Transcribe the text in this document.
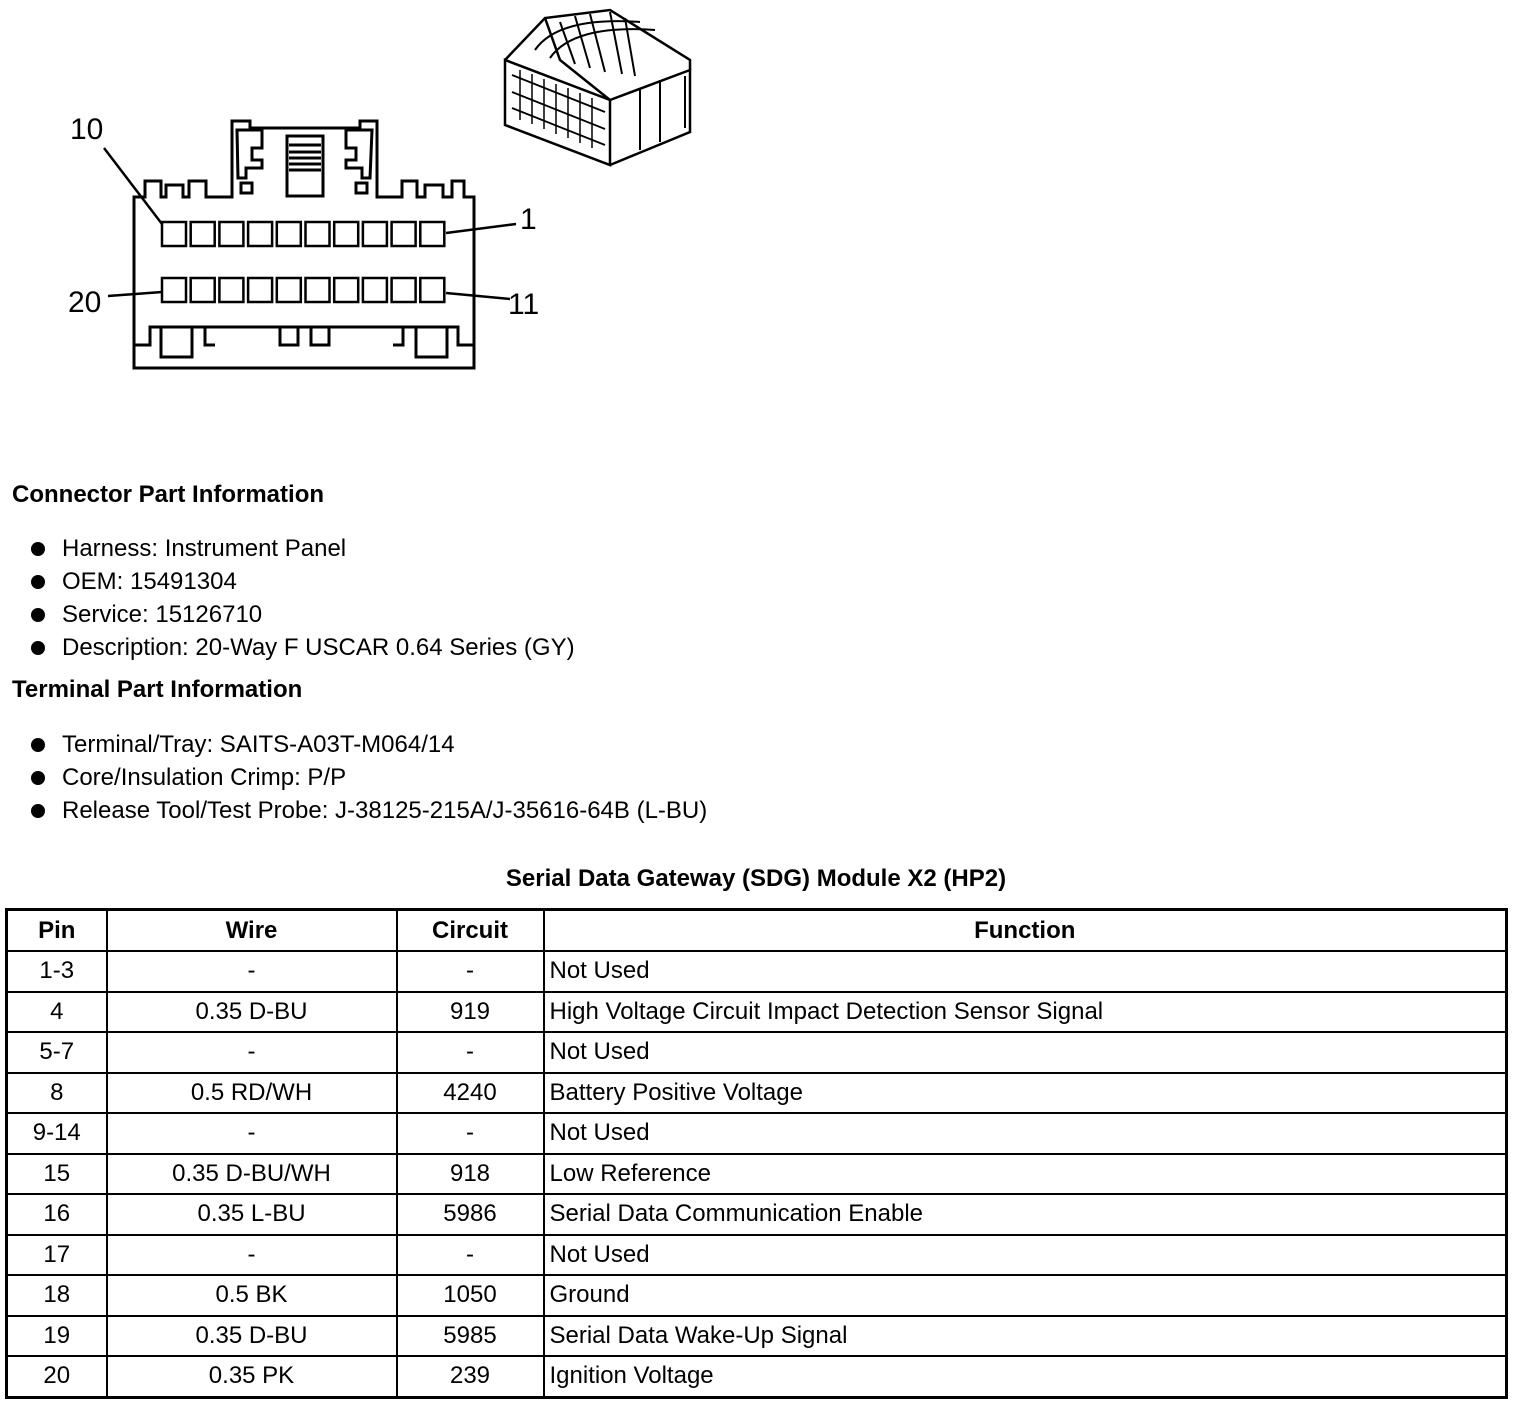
10
1
20	11
Connector Part Information
Harness: Instrument Panel
OEM: 15491304
Service: 15126710
Description: 20-Way F USCAR 0.64 Series (GY)
Terminal Part Information
Terminal/Tray: SAITS-A03T-M064/14
Core/Insulation Crimp: P/P
Release Tool/Test Probe: J-38125-215A/J-35616-64B (L-BU)
Serial Data Gateway (SDG) Module X2 (HP2)
Pin	Wire	Circuit	Function
1-3	-	-	Not Used
4	0.35 D-BU	919	High Voltage Circuit Impact Detection Sensor Signal
5-7	-	-	Not Used
8	0.5 RD/WH	4240	Battery Positive Voltage
9-14	-	-	Not Used
15	0.35 D-BU/WH	918	Low Reference
16	0.35 L-BU	5986	Serial Data Communication Enable
17	-	-	Not Used
18	0.5 BK	1050	Ground
19	0.35 D-BU	5985	Serial Data Wake-Up Signal
20	0.35 PK	239	Ignition Voltage
